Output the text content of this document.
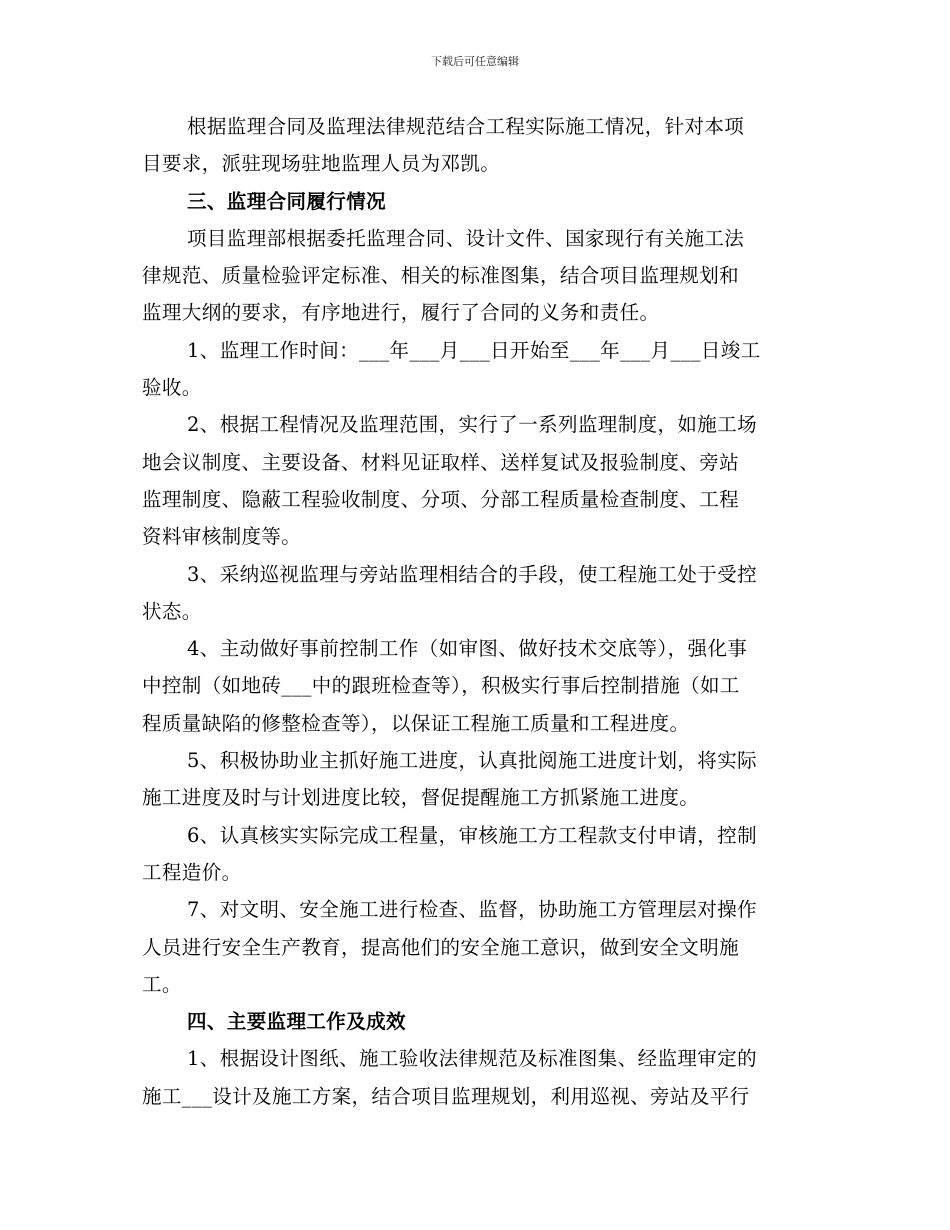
下载后可任意编辑
根据监理合同及监理法律规范结合工程实际施工情况，针对本项
目要求，派驻现场驻地监理人员为邓凯。
三、监理合同履行情况
项目监理部根据委托监理合同、设计文件、国家现行有关施工法
律规范、质量检验评定标准、相关的标准图集，结合项目监理规划和
监理大纲的要求，有序地进行，履行了合同的义务和责任。
1、监理工作时间：___年___月___日开始至___年___月___日竣工
验收。
2、根据工程情况及监理范围，实行了一系列监理制度，如施工场
地会议制度、主要设备、材料见证取样、送样复试及报验制度、旁站
监理制度、隐蔽工程验收制度、分项、分部工程质量检查制度、工程
资料审核制度等。
3、采纳巡视监理与旁站监理相结合的手段，使工程施工处于受控
状态。
4、主动做好事前控制工作（如审图、做好技术交底等），强化事
中控制（如地砖___中的跟班检查等），积极实行事后控制措施（如工
程质量缺陷的修整检查等），以保证工程施工质量和工程进度。
5、积极协助业主抓好施工进度，认真批阅施工进度计划，将实际
施工进度及时与计划进度比较，督促提醒施工方抓紧施工进度。
6、认真核实实际完成工程量，审核施工方工程款支付申请，控制
工程造价。
7、对文明、安全施工进行检查、监督，协助施工方管理层对操作
人员进行安全生产教育，提高他们的安全施工意识，做到安全文明施
工。
四、主要监理工作及成效
1、根据设计图纸、施工验收法律规范及标准图集、经监理审定的
施工___设计及施工方案，结合项目监理规划，利用巡视、旁站及平行
